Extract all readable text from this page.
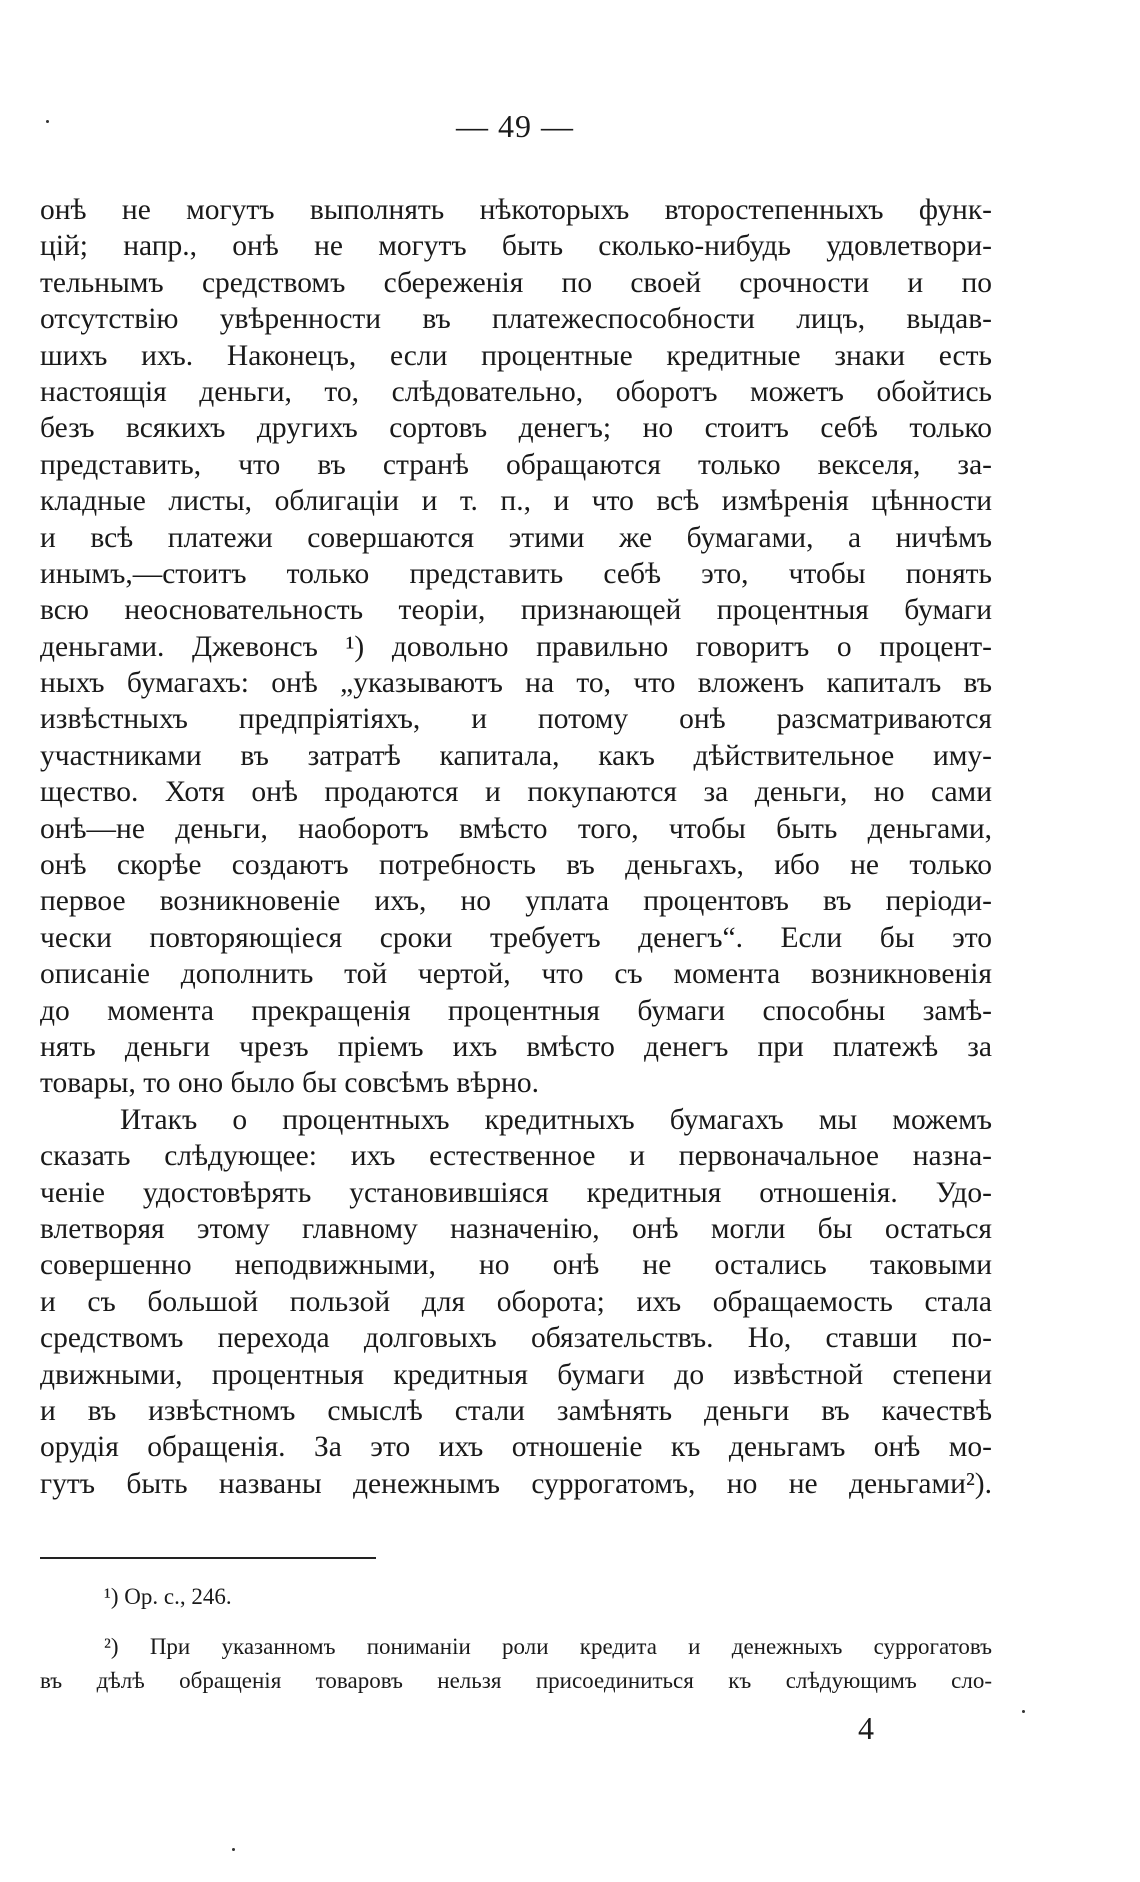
— 49 —
онѣ не могутъ выполнять нѣкоторыхъ второстепенныхъ функ-
цій; напр., онѣ не могутъ быть сколько-нибудь удовлетвори-
тельнымъ средствомъ сбереженія по своей срочности и по
отсутствію увѣренности въ платежеспособности лицъ, выдав-
шихъ ихъ. Наконецъ, если процентные кредитные знаки есть
настоящія деньги, то, слѣдовательно, оборотъ можетъ обойтись
безъ всякихъ другихъ сортовъ денегъ; но стоитъ себѣ только
представить, что въ странѣ обращаются только векселя, за-
кладные листы, облигаціи и т. п., и что всѣ измѣренія цѣнности
и всѣ платежи совершаются этими же бумагами, а ничѣмъ
инымъ,—стоитъ только представить себѣ это, чтобы понять
всю неосновательность теоріи, признающей процентныя бумаги
деньгами. Джевонсъ ¹) довольно правильно говоритъ о процент-
ныхъ бумагахъ: онѣ „указываютъ на то, что вложенъ капиталъ въ
извѣстныхъ предпріятіяхъ, и потому онѣ разсматриваются
участниками въ затратѣ капитала, какъ дѣйствительное иму-
щество. Хотя онѣ продаются и покупаются за деньги, но сами
онѣ—не деньги, наоборотъ вмѣсто того, чтобы быть деньгами,
онѣ скорѣе создаютъ потребность въ деньгахъ, ибо не только
первое возникновеніе ихъ, но уплата процентовъ въ періоди-
чески повторяющіеся сроки требуетъ денегъ“. Если бы это
описаніе дополнить той чертой, что съ момента возникновенія
до момента прекращенія процентныя бумаги способны замѣ-
нять деньги чрезъ пріемъ ихъ вмѣсто денегъ при платежѣ за
товары, то оно было бы совсѣмъ вѣрно.
Итакъ о процентныхъ кредитныхъ бумагахъ мы можемъ
сказать слѣдующее: ихъ естественное и первоначальное назна-
ченіе удостовѣрять установившіяся кредитныя отношенія. Удо-
влетворяя этому главному назначенію, онѣ могли бы остаться
совершенно неподвижными, но онѣ не остались таковыми
и съ большой пользой для оборота; ихъ обращаемость стала
средствомъ перехода долговыхъ обязательствъ. Но, ставши по-
движными, процентныя кредитныя бумаги до извѣстной степени
и въ извѣстномъ смыслѣ стали замѣнять деньги въ качествѣ
орудія обращенія. За это ихъ отношеніе къ деньгамъ онѣ мо-
гутъ быть названы денежнымъ суррогатомъ, но не деньгами²).
¹) Op. c., 246.
²) При указанномъ пониманіи роли кредита и денежныхъ суррогатовъ
въ дѣлѣ обращенія товаровъ нельзя присоединиться къ слѣдующимъ сло-
4
